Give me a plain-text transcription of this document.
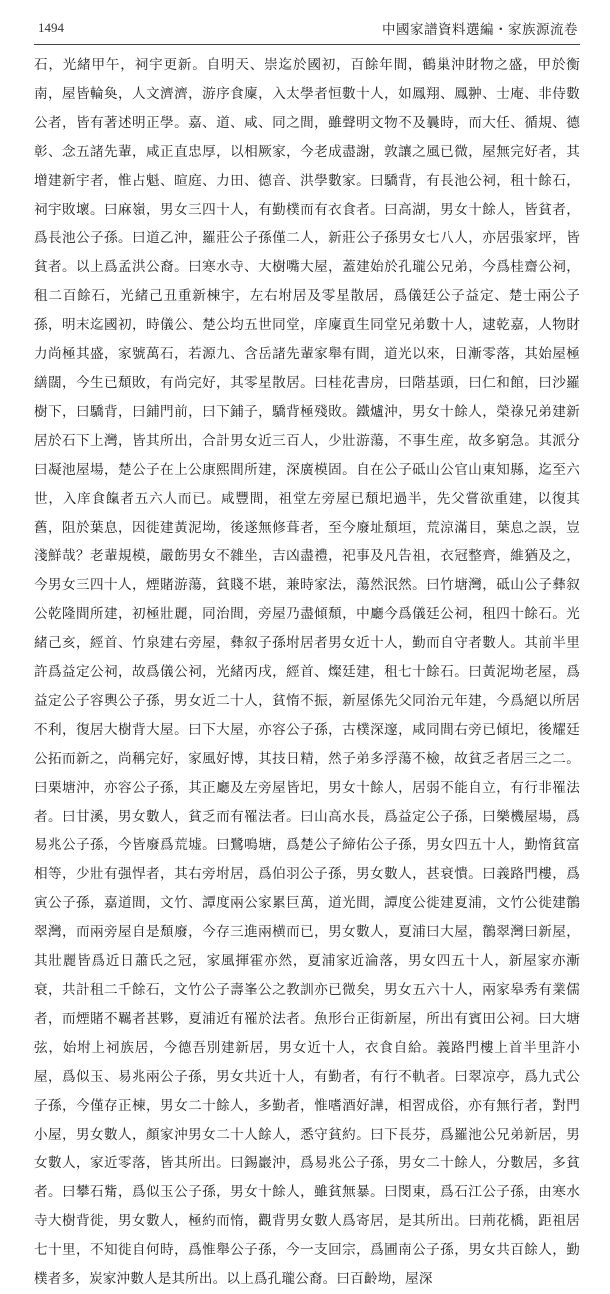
1494	中國家譜資料選編・家族源流卷
石，光緒甲午，祠宇更新。自明天、崇迄於國初，百餘年間，鶴巢沖財物之盛，甲於衡南，屋皆輪奐，人文濟濟，游序食廩，入太學者恒數十人，如鳳翔、鳳翀、士庵、非侍數公者，皆有著述明正學。嘉、道、咸、同之間，雖聲明文物不及曩時，而大任、循規、德彰、念五諸先輩，咸正直忠厚，以相厥家，今老成盡謝，敦讓之風已微，屋無完好者，其增建新宇者，惟占魁、暄庭、力田、德音、洪學數家。曰驕背，有長池公祠，租十餘石，祠宇敗壞。曰麻嶺，男女三四十人，有勤樸而有衣食者。曰高湖，男女十餘人，皆貧者，爲長池公子孫。曰道乙沖，羅莊公子孫僅二人，新莊公子孫男女七八人，亦居張家坪，皆貧者。以上爲孟洪公裔。曰寒水寺、大樹嘴大屋，蓋建始於孔瓏公兄弟，今爲桂齋公祠，租二百餘石，光緒己丑重新棟宇，左右坿居及零星散居，爲儀廷公子益定、楚士兩公子孫，明末迄國初，時儀公、楚公均五世同堂，庠廩貢生同堂兄弟數十人，逮乾嘉，人物財力尚極其盛，家號萬石，若源九、含岳諸先輩家舉有間，道光以來，日漸零落，其始屋極繕闊，今生已頹敗，有尚完好，其零星散居。曰桂花書房，曰階基頭，曰仁和館，曰沙羅樹下，曰驕背，曰鋪門前，曰下鋪子，驕背極殘敗。鐵爐沖，男女十餘人，榮祿兄弟建新居於石下上灣，皆其所出，合計男女近三百人，少壯游蕩，不事生産，故多窮急。其派分曰凝池屋場，楚公子在上公康熙間所建，深廣模固。自在公子砥山公官山東知縣，迄至六世，入庠食餼者五六人而已。咸豐間，祖堂左旁屋已頹圯過半，先父嘗欲重建，以復其舊，阻於葉息，因徙建黃泥坳，後遂無修葺者，至今廢址頹垣，荒涼滿目，葉息之誤，豈淺鮮哉？老輩規模，嚴飭男女不雜坐，吉凶盡禮，祀事及凡告祖，衣冠整齊，維猶及之，今男女三四十人，煙賭游蕩，貧賤不堪，兼時家法，蕩然泯然。曰竹塘灣，砥山公子彝叙公乾隆間所建，初極壯麗，同治間，旁屋乃盡傾頹，中廳今爲儀廷公祠，租四十餘石。光緒己亥，經首、竹泉建右旁屋，彝叙子孫坿居者男女近十人，勤而自守者數人。其前半里許爲益定公祠，故爲儀公祠，光緒丙戌，經首、燦廷建，租七十餘石。曰黃泥坳老屋，爲益定公子容輿公子孫，男女近二十人，貧惰不振，新屋係先父同治元年建，今爲絕以所居不利，復居大樹背大屋。曰下大屋，亦容公子孫，古樸深邃，咸同間右旁已傾圯，後耀廷公拓而新之，尚稱完好，家風好博，其技日精，然子弟多浮蕩不檢，故貧乏者居三之二。曰栗塘沖，亦容公子孫，其正廳及左旁屋皆圯，男女十餘人，居弱不能自立，有行非罹法者。曰甘溪，男女數人，貧乏而有罹法者。曰山高水長，爲益定公子孫，曰樂機屋場，爲易兆公子孫，今皆廢爲荒墟。曰鷺鳴塘，爲楚公子締佑公子孫，男女四五十人，勤惰貧富相等，少壯有强悍者，其右旁坿居，爲伯羽公子孫，男女數人，甚衰憒。曰義路門樓，爲寅公子孫，嘉道間，文竹、譚度兩公家累巨萬，道光間，譚度公徙建夏浦，文竹公徙建鶺翠灣，而兩旁屋自是頹廢，今存三進兩横而已，男女數人，夏浦曰大屋，鶺翠灣曰新屋，其壯麗皆爲近日蕭氏之冠，家風揮霍亦然，夏浦家近淪落，男女四五十人，新屋家亦漸衰，共計租二千餘石，文竹公子壽峯公之教訓亦已微矣，男女五六十人，兩家皋秀有業儒者，而煙賭不羈者甚夥，夏浦近有罹於法者。魚形台正街新屋，所出有賓田公祠。曰大塘弦，始坿上祠族居，今德吾別建新居，男女近十人，衣食自給。義路門樓上首半里許小屋，爲似玉、易兆兩公子孫，男女共近十人，有勤者，有行不軌者。曰翠凉亭，爲九式公子孫，今僅存正棟，男女二十餘人，多勤者，惟嗜酒好譁，相習成俗，亦有無行者，對門小屋，男女數人，顏家沖男女二十人餘人，悉守貧約。曰下長芬，爲羅池公兄弟新居，男女數人，家近零落，皆其所出。曰錫巖沖，爲易兆公子孫，男女二十餘人，分數居，多貧者。曰攀石觜，爲似玉公子孫，男女十餘人，雖貧無暴。曰閔東，爲石江公子孫，由寒水寺大樹背徙，男女數人，極約而惰，觀背男女數人爲寄居，是其所出。曰荊花橋，距祖居七十里，不知徙自何時，爲惟舉公子孫，今一支回宗，爲圃南公子孫，男女共百餘人，勤樸者多，炭家沖數人是其所出。以上爲孔瓏公裔。曰百齡坳，屋深
